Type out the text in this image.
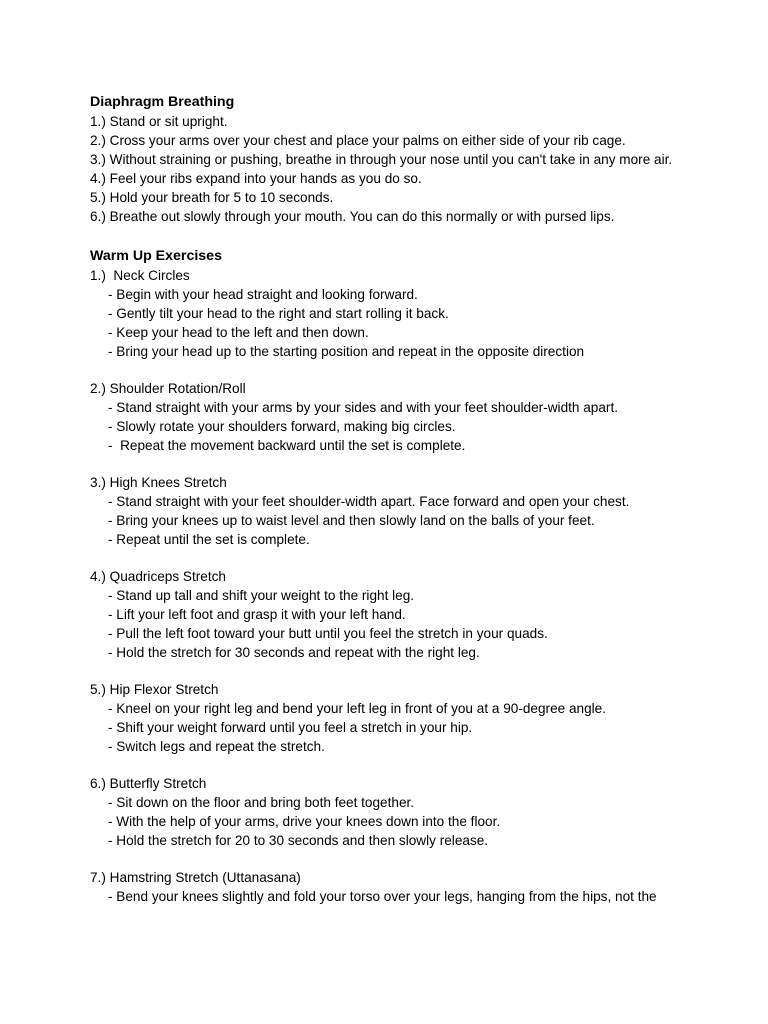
Diaphragm Breathing
1.) Stand or sit upright.
2.) Cross your arms over your chest and place your palms on either side of your rib cage.
3.) Without straining or pushing, breathe in through your nose until you can't take in any more air.
4.) Feel your ribs expand into your hands as you do so.
5.) Hold your breath for 5 to 10 seconds.
6.) Breathe out slowly through your mouth. You can do this normally or with pursed lips.
Warm Up Exercises
1.)  Neck Circles
- Begin with your head straight and looking forward.
- Gently tilt your head to the right and start rolling it back.
- Keep your head to the left and then down.
- Bring your head up to the starting position and repeat in the opposite direction
2.) Shoulder Rotation/Roll
- Stand straight with your arms by your sides and with your feet shoulder-width apart.
- Slowly rotate your shoulders forward, making big circles.
-  Repeat the movement backward until the set is complete.
3.) High Knees Stretch
- Stand straight with your feet shoulder-width apart. Face forward and open your chest.
- Bring your knees up to waist level and then slowly land on the balls of your feet.
- Repeat until the set is complete.
4.) Quadriceps Stretch
- Stand up tall and shift your weight to the right leg.
- Lift your left foot and grasp it with your left hand.
- Pull the left foot toward your butt until you feel the stretch in your quads.
- Hold the stretch for 30 seconds and repeat with the right leg.
5.) Hip Flexor Stretch
- Kneel on your right leg and bend your left leg in front of you at a 90-degree angle.
- Shift your weight forward until you feel a stretch in your hip.
- Switch legs and repeat the stretch.
6.) Butterfly Stretch
- Sit down on the floor and bring both feet together.
- With the help of your arms, drive your knees down into the floor.
- Hold the stretch for 20 to 30 seconds and then slowly release.
7.) Hamstring Stretch (Uttanasana)
- Bend your knees slightly and fold your torso over your legs, hanging from the hips, not the
